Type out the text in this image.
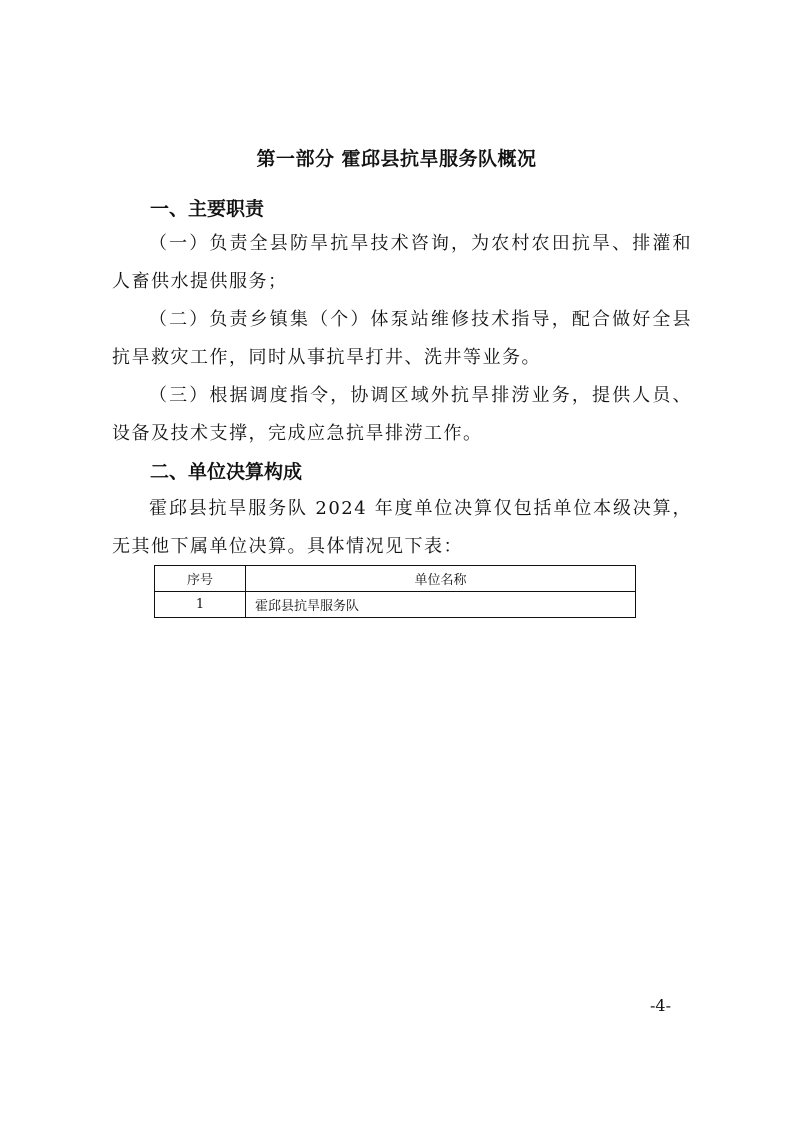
第一部分 霍邱县抗旱服务队概况
一、主要职责
（一）负责全县防旱抗旱技术咨询，为农村农田抗旱、排灌和人畜供水提供服务；
（二）负责乡镇集（个）体泵站维修技术指导，配合做好全县抗旱救灾工作，同时从事抗旱打井、洗井等业务。
（三）根据调度指令，协调区域外抗旱排涝业务，提供人员、设备及技术支撑，完成应急抗旱排涝工作。
二、单位决算构成
霍邱县抗旱服务队 2024 年度单位决算仅包括单位本级决算，无其他下属单位决算。具体情况见下表：
序号	单位名称
1	霍邱县抗旱服务队
-4-
